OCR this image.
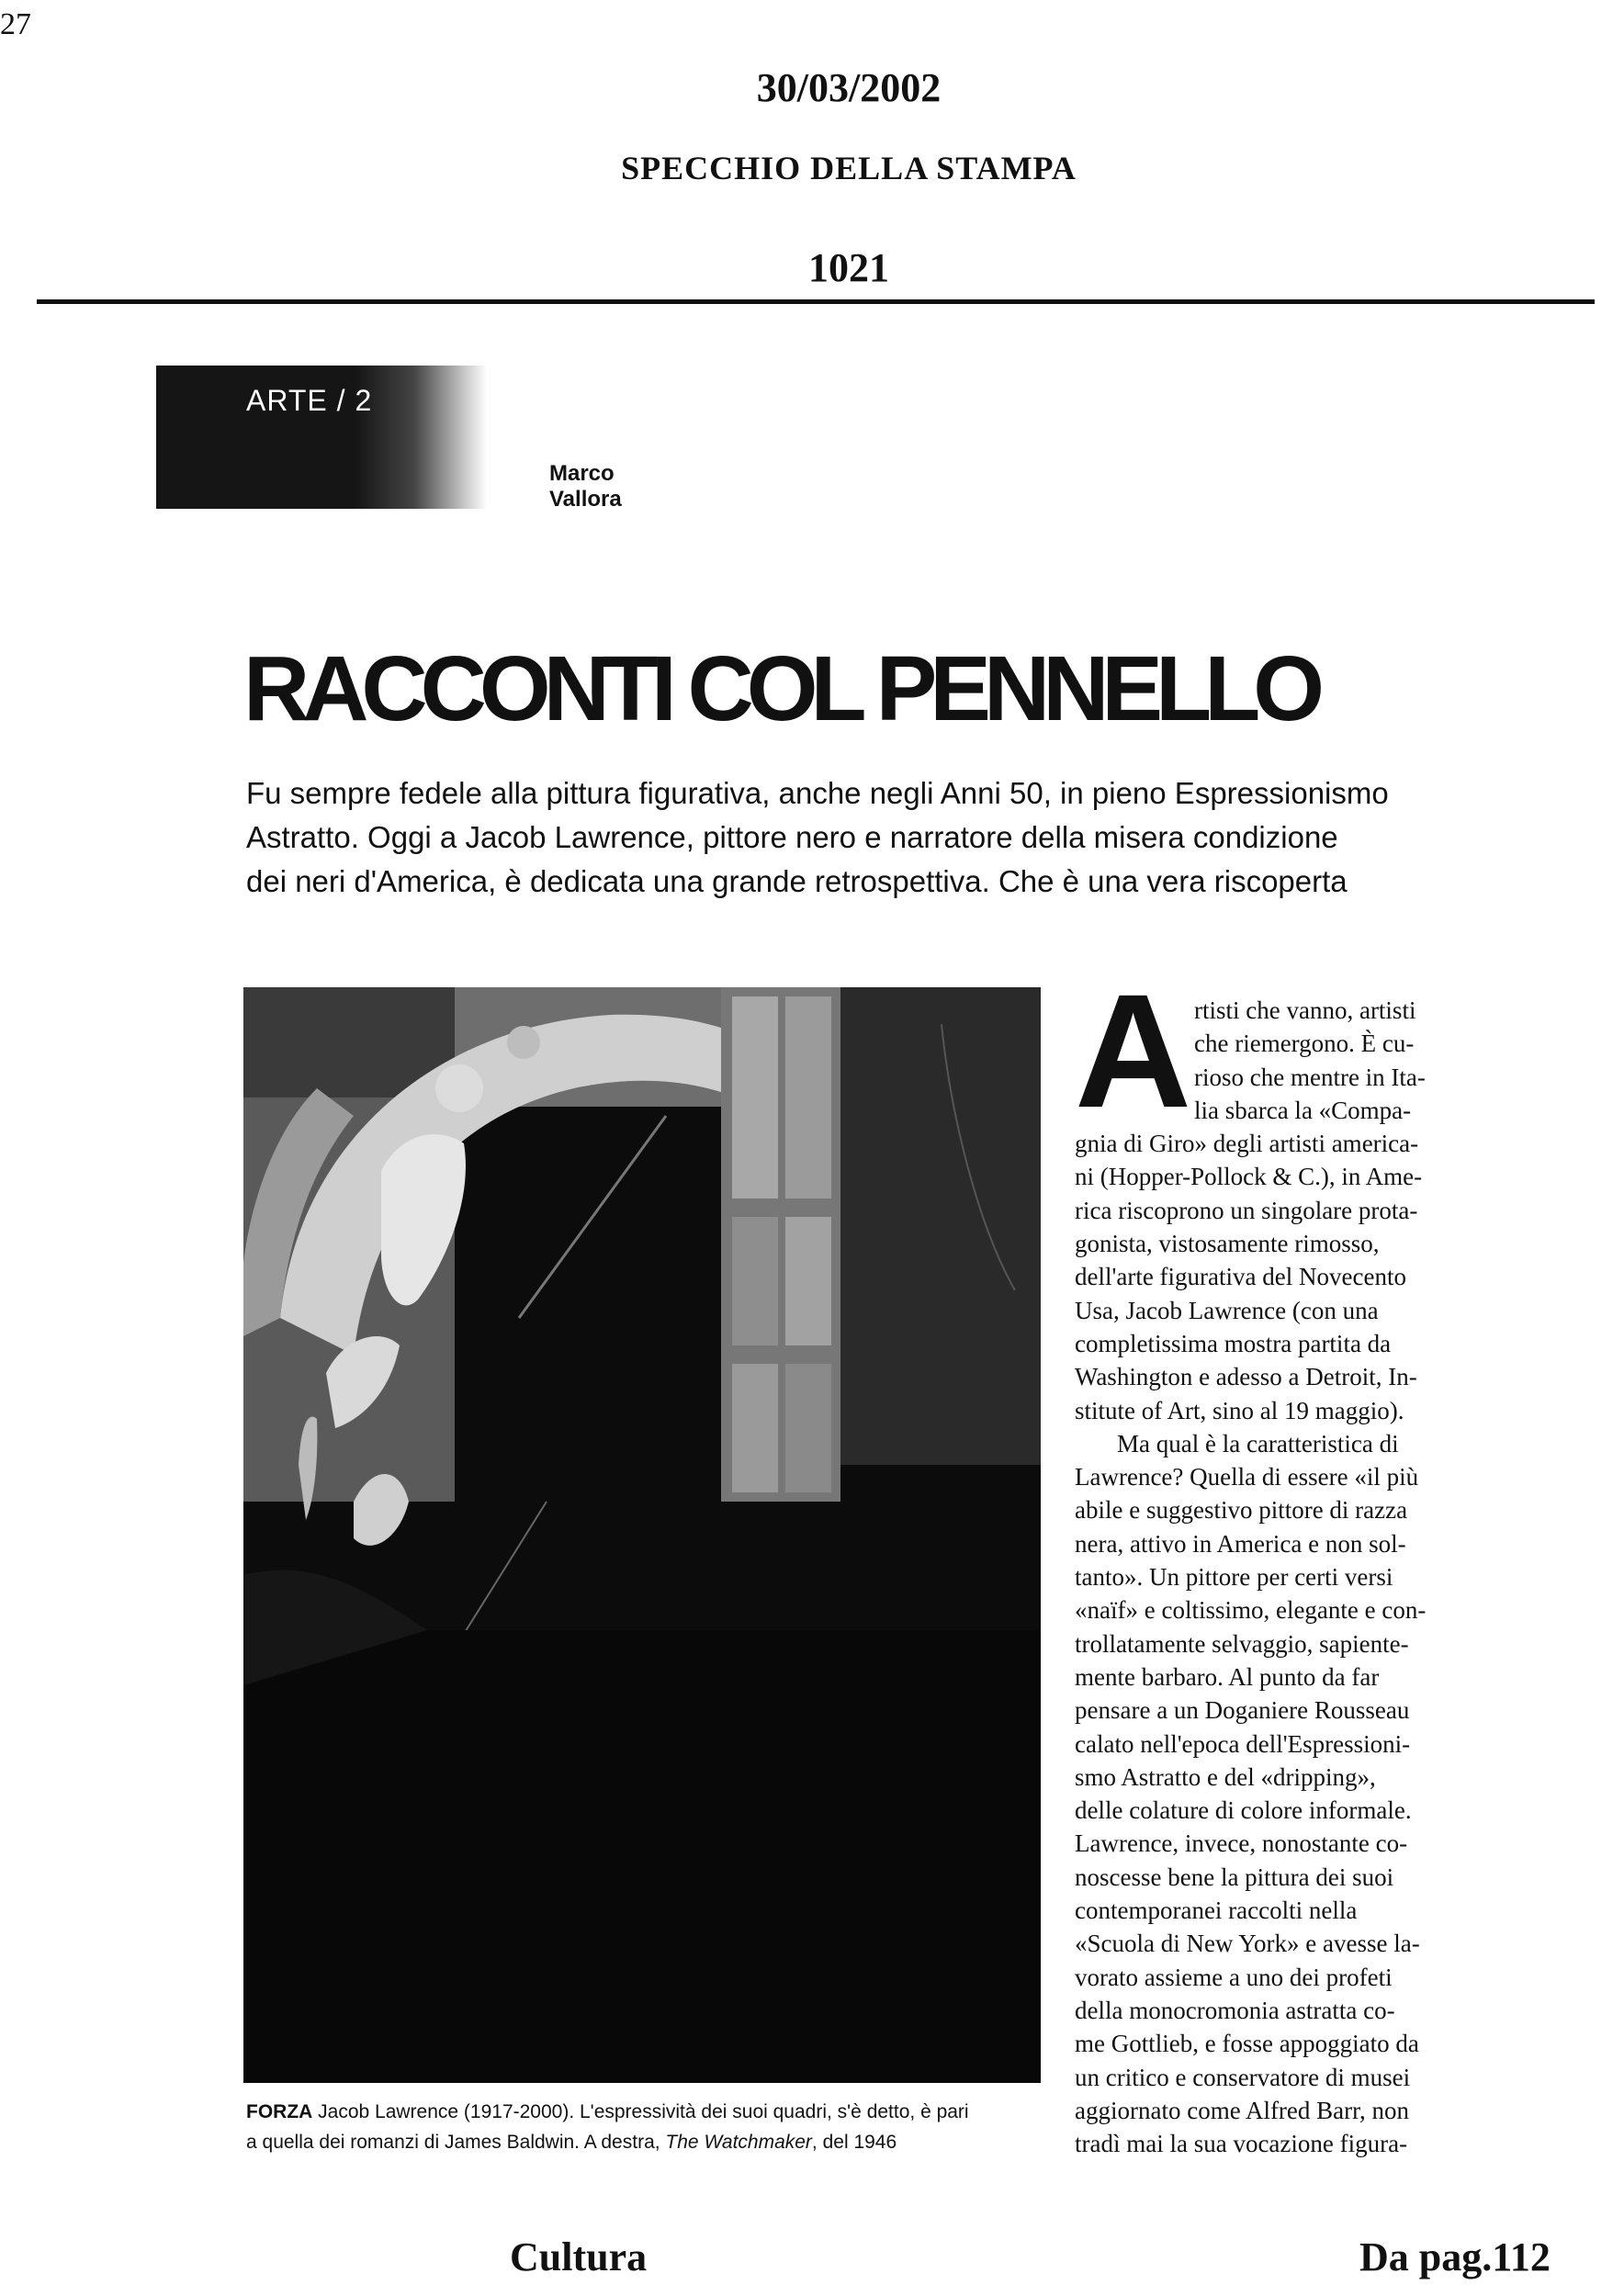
27
30/03/2002
SPECCHIO DELLA STAMPA
1021
ARTE / 2
Marco
Vallora
RACCONTI COL PENNELLO
Fu sempre fedele alla pittura figurativa, anche negli Anni 50, in pieno Espressionismo
Astratto. Oggi a Jacob Lawrence, pittore nero e narratore della misera condizione
dei neri d'America, è dedicata una grande retrospettiva. Che è una vera riscoperta
FORZA Jacob Lawrence (1917-2000). L'espressività dei suoi quadri, s'è detto, è pari
a quella dei romanzi di James Baldwin. A destra, The Watchmaker, del 1946
A rtisti che vanno, artisti
che riemergono. È cu-
rioso che mentre in Ita-
lia sbarca la «Compa-
gnia di Giro» degli artisti america-
ni (Hopper-Pollock & C.), in Ame-
rica riscoprono un singolare prota-
gonista, vistosamente rimosso,
dell'arte figurativa del Novecento
Usa, Jacob Lawrence (con una
completissima mostra partita da
Washington e adesso a Detroit, In-
stitute of Art, sino al 19 maggio).
Ma qual è la caratteristica di
Lawrence? Quella di essere «il più
abile e suggestivo pittore di razza
nera, attivo in America e non sol-
tanto». Un pittore per certi versi
«naïf» e coltissimo, elegante e con-
trollatamente selvaggio, sapiente-
mente barbaro. Al punto da far
pensare a un Doganiere Rousseau
calato nell'epoca dell'Espressioni-
smo Astratto e del «dripping»,
delle colature di colore informale.
Lawrence, invece, nonostante co-
noscesse bene la pittura dei suoi
contemporanei raccolti nella
«Scuola di New York» e avesse la-
vorato assieme a uno dei profeti
della monocromonia astratta co-
me Gottlieb, e fosse appoggiato da
un critico e conservatore di musei
aggiornato come Alfred Barr, non
tradì mai la sua vocazione figura-
Cultura	Da pag.112
